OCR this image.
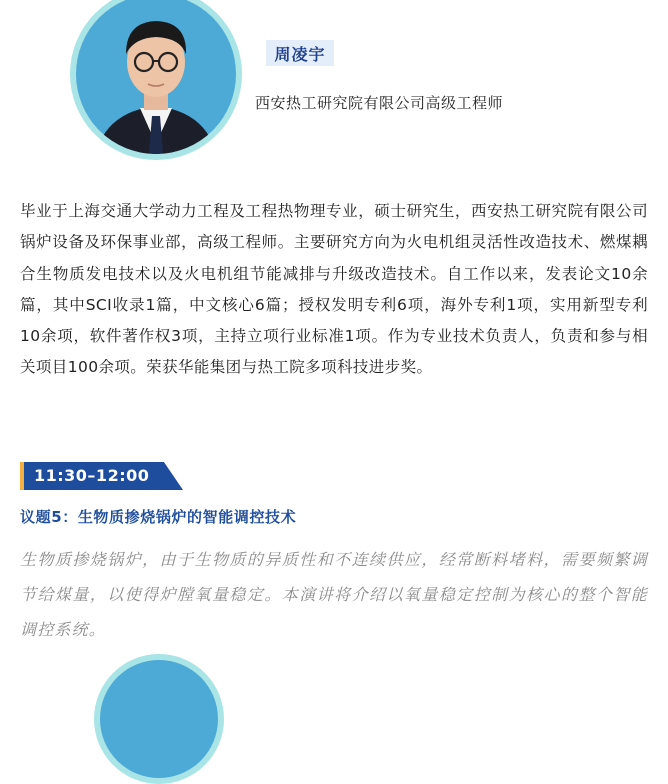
周凌宇
西安热工研究院有限公司高级工程师
毕业于上海交通大学动力工程及工程热物理专业，硕士研究生，西安热工研究院有限公司锅炉设备及环保事业部，高级工程师。主要研究方向为火电机组灵活性改造技术、燃煤耦合生物质发电技术以及火电机组节能减排与升级改造技术。自工作以来，发表论文10余篇，其中SCI收录1篇，中文核心6篇；授权发明专利6项，海外专利1项，实用新型专利10余项，软件著作权3项，主持立项行业标准1项。作为专业技术负责人，负责和参与相关项目100余项。荣获华能集团与热工院多项科技进步奖。
11:30–12:00
议题5：生物质掺烧锅炉的智能调控技术
生物质掺烧锅炉，由于生物质的异质性和不连续供应，经常断料堵料，需要频繁调节给煤量，以使得炉膛氧量稳定。本演讲将介绍以氧量稳定控制为核心的整个智能调控系统。
